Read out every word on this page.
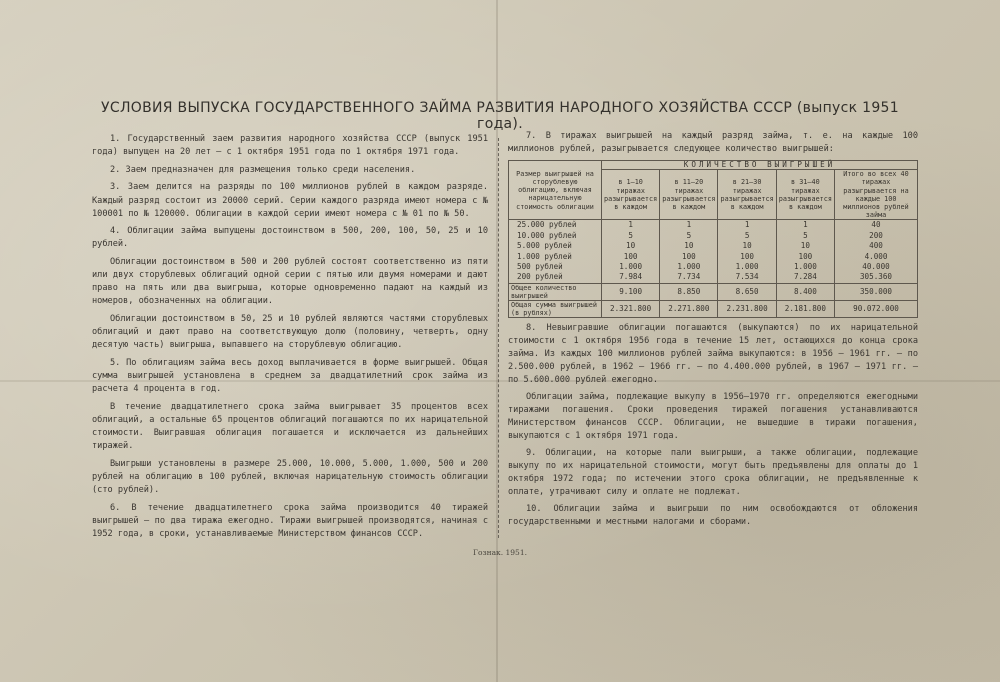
УСЛОВИЯ ВЫПУСКА ГОСУДАРСТВЕННОГО ЗАЙМА РАЗВИТИЯ НАРОДНОГО ХОЗЯЙСТВА СССР (выпуск 1951 года).

1. Государственный заем развития народного хозяйства СССР (выпуск 1951 года) выпущен на 20 лет — с 1 октября 1951 года по 1 октября 1971 года.

2. Заем предназначен для размещения только среди населения.

3. Заем делится на разряды по 100 миллионов рублей в каждом разряде. Каждый разряд состоит из 20000 серий. Серии каждого разряда имеют номера с № 100001 по № 120000. Облигации в каждой серии имеют номера с № 01 по № 50.

4. Облигации займа выпущены достоинством в 500, 200, 100, 50, 25 и 10 рублей.

Облигации достоинством в 500 и 200 рублей состоят соответственно из пяти или двух сторублевых облигаций одной серии с пятью или двумя номерами и дают право на пять или два выигрыша, которые одновременно падают на каждый из номеров, обозначенных на облигации.

Облигации достоинством в 50, 25 и 10 рублей являются частями сторублевых облигаций и дают право на соответствующую долю (половину, четверть, одну десятую часть) выигрыша, выпавшего на сторублевую облигацию.

5. По облигациям займа весь доход выплачивается в форме выигрышей. Общая сумма выигрышей установлена в среднем за двадцатилетний срок займа из расчета 4 процента в год.

В течение двадцатилетнего срока займа выигрывает 35 процентов всех облигаций, а остальные 65 процентов облигаций погашаются по их нарицательной стоимости. Выигравшая облигация погашается и исключается из дальнейших тиражей.

Выигрыши установлены в размере 25.000, 10.000, 5.000, 1.000, 500 и 200 рублей на облигацию в 100 рублей, включая нарицательную стоимость облигации (сто рублей).

6. В течение двадцатилетнего срока займа производится 40 тиражей выигрышей — по два тиража ежегодно. Тиражи выигрышей производятся, начиная с 1952 года, в сроки, устанавливаемые Министерством финансов СССР.

7. В тиражах выигрышей на каждый разряд займа, т. е. на каждые 100 миллионов рублей, разыгрывается следующее количество выигрышей:

Размер выигрышей на сторублевую облигацию, включая нарицательную стоимость облигации	КОЛИЧЕСТВО ВЫИГРЫШЕЙ				
	в 1—10 тиражах разыгрывается в каждом	в 11—20 тиражах разыгрывается в каждом	в 21—30 тиражах разыгрывается в каждом	в 31—40 тиражах разыгрывается в каждом	Итого во всех 40 тиражах разыгрывается на каждые 100 миллионов рублей займа
25.000 рублей	1	1	1	1	40
10.000 рублей	5	5	5	5	200
5.000 рублей	10	10	10	10	400
1.000 рублей	100	100	100	100	4.000
500 рублей	1.000	1.000	1.000	1.000	40.000
200 рублей	7.984	7.734	7.534	7.284	305.360
Общее количество выигрышей	9.100	8.850	8.650	8.400	350.000
Общая сумма выигрышей (в рублях)	2.321.800	2.271.800	2.231.800	2.181.800	90.072.000

8. Невыигравшие облигации погашаются (выкупаются) по их нарицательной стоимости с 1 октября 1956 года в течение 15 лет, остающихся до конца срока займа. Из каждых 100 миллионов рублей займа выкупаются: в 1956 — 1961 гг. — по 2.500.000 рублей, в 1962 — 1966 гг. — по 4.400.000 рублей, в 1967 — 1971 гг. — по 5.600.000 рублей ежегодно.

Облигации займа, подлежащие выкупу в 1956—1970 гг. определяются ежегодными тиражами погашения. Сроки проведения тиражей погашения устанавливаются Министерством финансов СССР. Облигации, не вышедшие в тиражи погашения, выкупаются с 1 октября 1971 года.

9. Облигации, на которые пали выигрыши, а также облигации, подлежащие выкупу по их нарицательной стоимости, могут быть предъявлены для оплаты до 1 октября 1972 года; по истечении этого срока облигации, не предъявленные к оплате, утрачивают силу и оплате не подлежат.

10. Облигации займа и выигрыши по ним освобождаются от обложения государственными и местными налогами и сборами.

Гознак. 1951.
